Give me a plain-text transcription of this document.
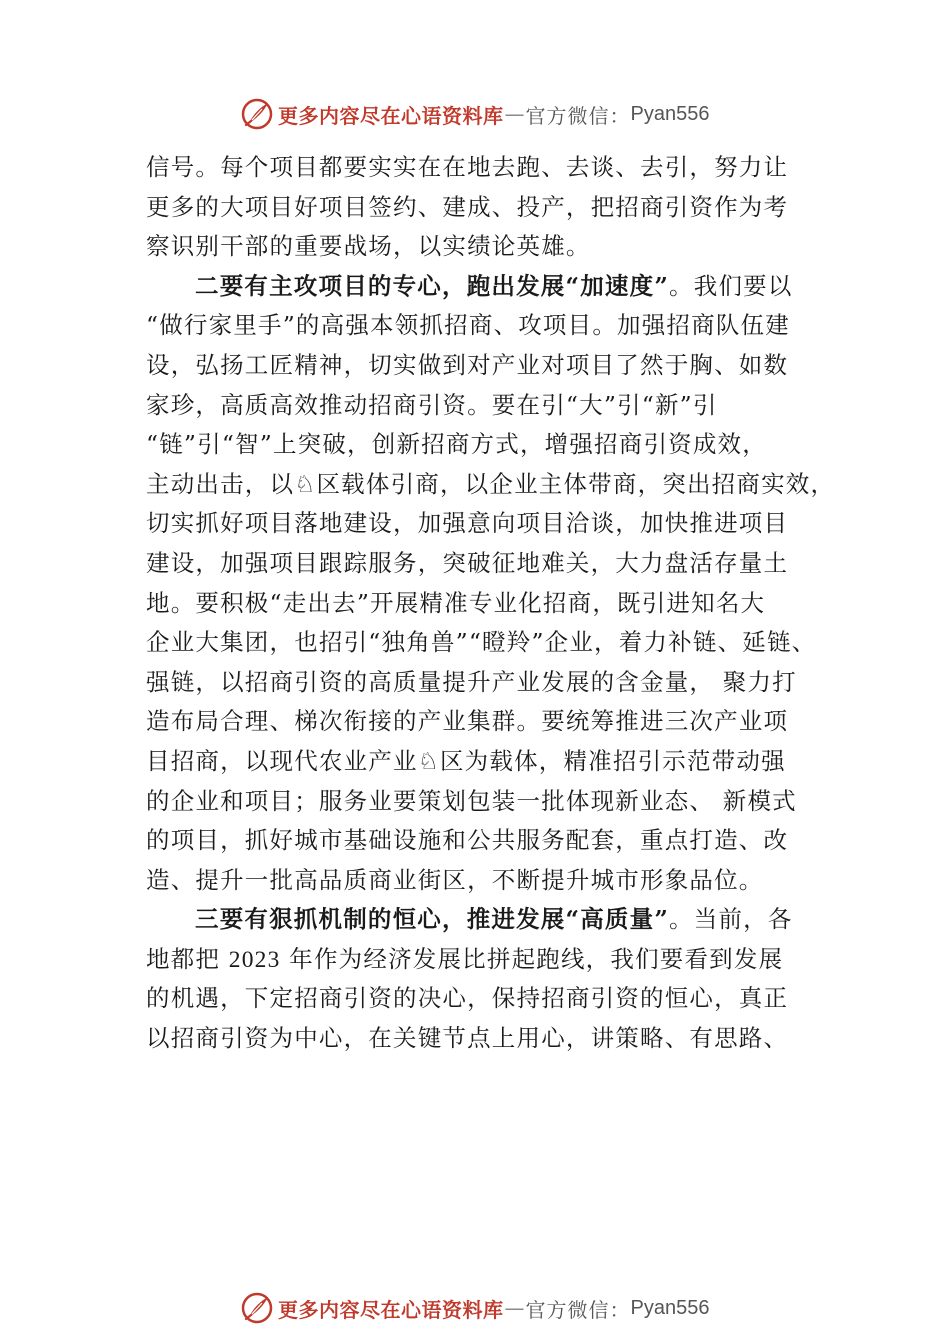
更多内容尽在心语资料库 — 官方微信： Pyan556
信号。每个项目都要实实在在地去跑、去谈、去引，努力让
更多的大项目好项目签约、建成、投产，把招商引资作为考
察识别干部的重要战场，以实绩论英雄。
二要有主攻项目的专心，跑出发展“加速度”。我们要以
“做行家里手”的高强本领抓招商、攻项目。加强招商队伍建
设，弘扬工匠精神，切实做到对产业对项目了然于胸、如数
家珍，高质高效推动招商引资。要在引“大”引“新”引
“链”引“智”上突破，创新招商方式，增强招商引资成效，
主动出击，以♘区载体引商，以企业主体带商，突出招商实效，
切实抓好项目落地建设，加强意向项目洽谈，加快推进项目
建设，加强项目跟踪服务，突破征地难关，大力盘活存量土
地。要积极“走出去”开展精准专业化招商，既引进知名大
企业大集团，也招引“独角兽”“瞪羚”企业，着力补链、延链、
强链，以招商引资的高质量提升产业发展的含金量， 聚力打
造布局合理、梯次衔接的产业集群。要统筹推进三次产业项
目招商，以现代农业产业♘区为载体，精准招引示范带动强
的企业和项目；服务业要策划包装一批体现新业态、 新模式
的项目，抓好城市基础设施和公共服务配套，重点打造、改
造、提升一批高品质商业街区，不断提升城市形象品位。
三要有狠抓机制的恒心，推进发展“高质量”。当前，各
地都把 2023 年作为经济发展比拼起跑线，我们要看到发展
的机遇，下定招商引资的决心，保持招商引资的恒心，真正
以招商引资为中心，在关键节点上用心，讲策略、有思路、
更多内容尽在心语资料库 — 官方微信： Pyan556
